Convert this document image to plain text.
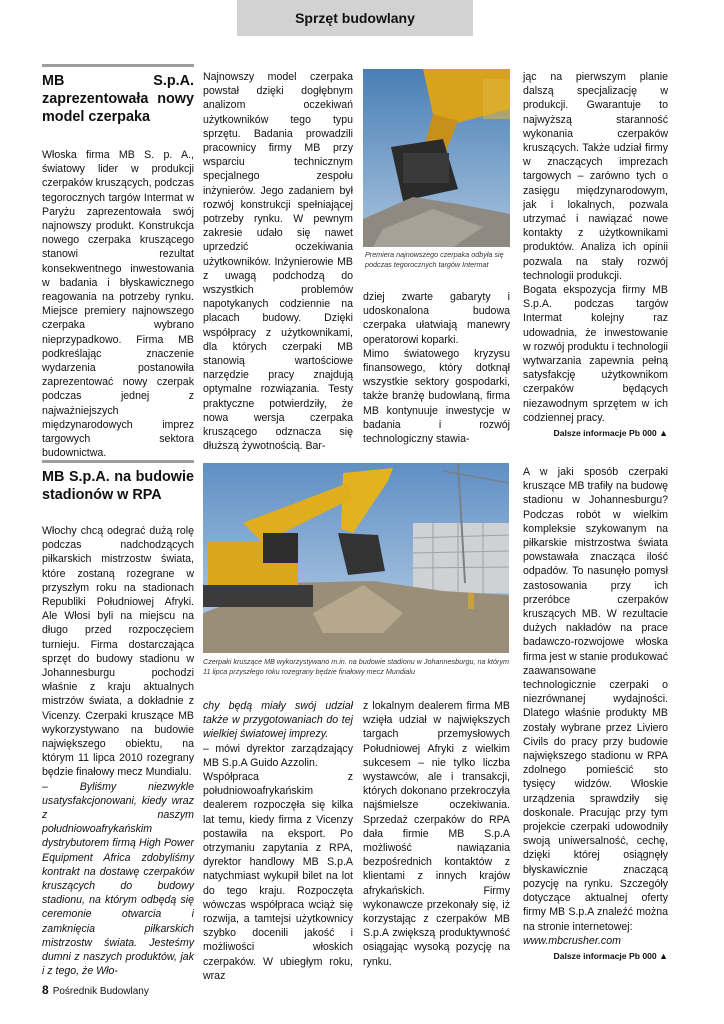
Sprzęt budowlany
MB S.p.A. zaprezentowała nowy model czerpaka

Włoska firma MB S. p. A., światowy lider w produkcji czerpaków kruszących, podczas tegorocznych targów Intermat w Paryżu zaprezentowała swój najnowszy produkt. Konstrukcja nowego czerpaka kruszącego stanowi rezultat konsekwentnego inwestowania w badania i błyskawicznego reagowania na potrzeby rynku. Miejsce premiery najnowszego czerpaka wybrano nieprzypadkowo. Firma MB podkreślając znaczenie wydarzenia postanowiła zaprezentować nowy czerpak podczas jednej z najważniejszych międzynarodowych imprez targowych sektora budownictwa.

Najnowszy model czerpaka powstał dzięki dogłębnym analizom oczekiwań użytkowników tego typu sprzętu. Badania prowadzili pracownicy firmy MB przy wsparciu technicznym specjalnego zespołu inżynierów. Jego zadaniem był rozwój konstrukcji spełniającej potrzeby rynku. W pewnym zakresie udało się nawet uprzedzić oczekiwania użytkowników. Inżynierowie MB z uwagą podchodzą do wszystkich problemów napotykanych codziennie na placach budowy. Dzięki współpracy z użytkownikami, dla których czerpaki MB stanowią wartościowe narzędzie pracy znajdują optymalne rozwiązania. Testy praktyczne potwierdziły, że nowa wersja czerpaka kruszącego odznacza się dłuższą żywotnością. Bar-

Premiera najnowszego czerpaka odbyła się podczas tegorocznych targów Intermat

dziej zwarte gabaryty i udoskonalona budowa czerpaka ułatwiają manewry operatorowi koparki.

Mimo światowego kryzysu finansowego, który dotknął wszystkie sektory gospodarki, także branżę budowlaną, firma MB kontynuuje inwestycje w badania i rozwój technologiczny stawia-

jąc na pierwszym planie dalszą specjalizację w produkcji. Gwarantuje to najwyższą staranność wykonania czerpaków kruszących. Także udział firmy w znaczących imprezach targowych – zarówno tych o zasięgu międzynarodowym, jak i lokalnych, pozwala utrzymać i nawiązać nowe kontakty z użytkownikami produktów. Analiza ich opinii pozwala na stały rozwój technologii produkcji.

Bogata ekspozycja firmy MB S.p.A. podczas targów Intermat kolejny raz udowadnia, że inwestowanie w rozwój produktu i technologii wytwarzania zapewnia pełną satysfakcję użytkownikom czerpaków będących niezawodnym sprzętem w ich codziennej pracy.

Dalsze informacje Pb 000 ▲
MB S.p.A. na budowie stadionów w RPA

Włochy chcą odegrać dużą rolę podczas nadchodzących piłkarskich mistrzostw świata, które zostaną rozegrane w przyszłym roku na stadionach Republiki Południowej Afryki. Ale Włosi byli na miejscu na długo przed rozpoczęciem turnieju. Firma dostarczająca sprzęt do budowy stadionu w Johannesburgu pochodzi właśnie z kraju aktualnych mistrzów świata, a dokładnie z Vicenzy. Czerpaki kruszące MB wykorzystywano na budowie największego obiektu, na którym 11 lipca 2010 rozegrany będzie finałowy mecz Mundialu.

– Byliśmy niezwykle usatysfakcjonowani, kiedy wraz z naszym południowoafrykańskim dystrybutorem firmą High Power Equipment Africa zdobyliśmy kontrakt na dostawę czerpaków kruszących do budowy stadionu, na którym odbędą się ceremonie otwarcia i zamknięcia piłkarskich mistrzostw świata. Jesteśmy dumni z naszych produktów, jak i z tego, że Wło-

Czerpaki kruszące MB wykorzystywano m.in. na budowie stadionu w Johannesburgu, na którym 11 lipca przyszłego roku rozegrany będzie finałowy mecz Mundialu

chy będą miały swój udział także w przygotowaniach do tej wielkiej światowej imprezy.

– mówi dyrektor zarządzający MB S.p.A Guido Azzolin.

Współpraca z południowoafrykańskim dealerem rozpoczęła się kilka lat temu, kiedy firma z Vicenzy postawiła na eksport. Po otrzymaniu zapytania z RPA, dyrektor handlowy MB S.p.A natychmiast wykupił bilet na lot do tego kraju. Rozpoczęta wówczas współpraca wciąż się rozwija, a tamtejsi użytkownicy szybko docenili jakość i możliwości włoskich czerpaków. W ubiegłym roku, wraz

z lokalnym dealerem firma MB wzięła udział w największych targach przemysłowych Południowej Afryki z wielkim sukcesem – nie tylko liczba wystawców, ale i transakcji, których dokonano przekroczyła najśmielsze oczekiwania. Sprzedaż czerpaków do RPA dała firmie MB S.p.A możliwość nawiązania bezpośrednich kontaktów z klientami z innych krajów afrykańskich. Firmy wykonawcze przekonały się, iż korzystając z czerpaków MB S.p.A zwiększą produktywność osiągając wysoką pozycję na rynku.

A w jaki sposób czerpaki kruszące MB trafiły na budowę stadionu w Johannesburgu? Podczas robót w wielkim kompleksie szykowanym na piłkarskie mistrzostwa świata powstawała znacząca ilość odpadów. To nasunęło pomysł zastosowania przy ich przeróbce czerpaków kruszących MB. W rezultacie dużych nakładów na prace badawczo-rozwojowe włoska firma jest w stanie produkować zaawansowane technologicznie czerpaki o niezrównanej wydajności. Dlatego właśnie produkty MB zostały wybrane przez Liviero Civils do pracy przy budowie największego stadionu w RPA zdolnego pomieścić sto tysięcy widzów. Włoskie urządzenia sprawdziły się doskonale. Pracując przy tym projekcie czerpaki udowodniły swoją uniwersalność, cechę, dzięki której osiągnęły błyskawicznie znaczącą pozycję na rynku. Szczegóły dotyczące aktualnej oferty firmy MB S.p.A znaleźć można na stronie internetowej:

www.mbcrusher.com

Dalsze informacje Pb 000 ▲
8 Pośrednik Budowlany
